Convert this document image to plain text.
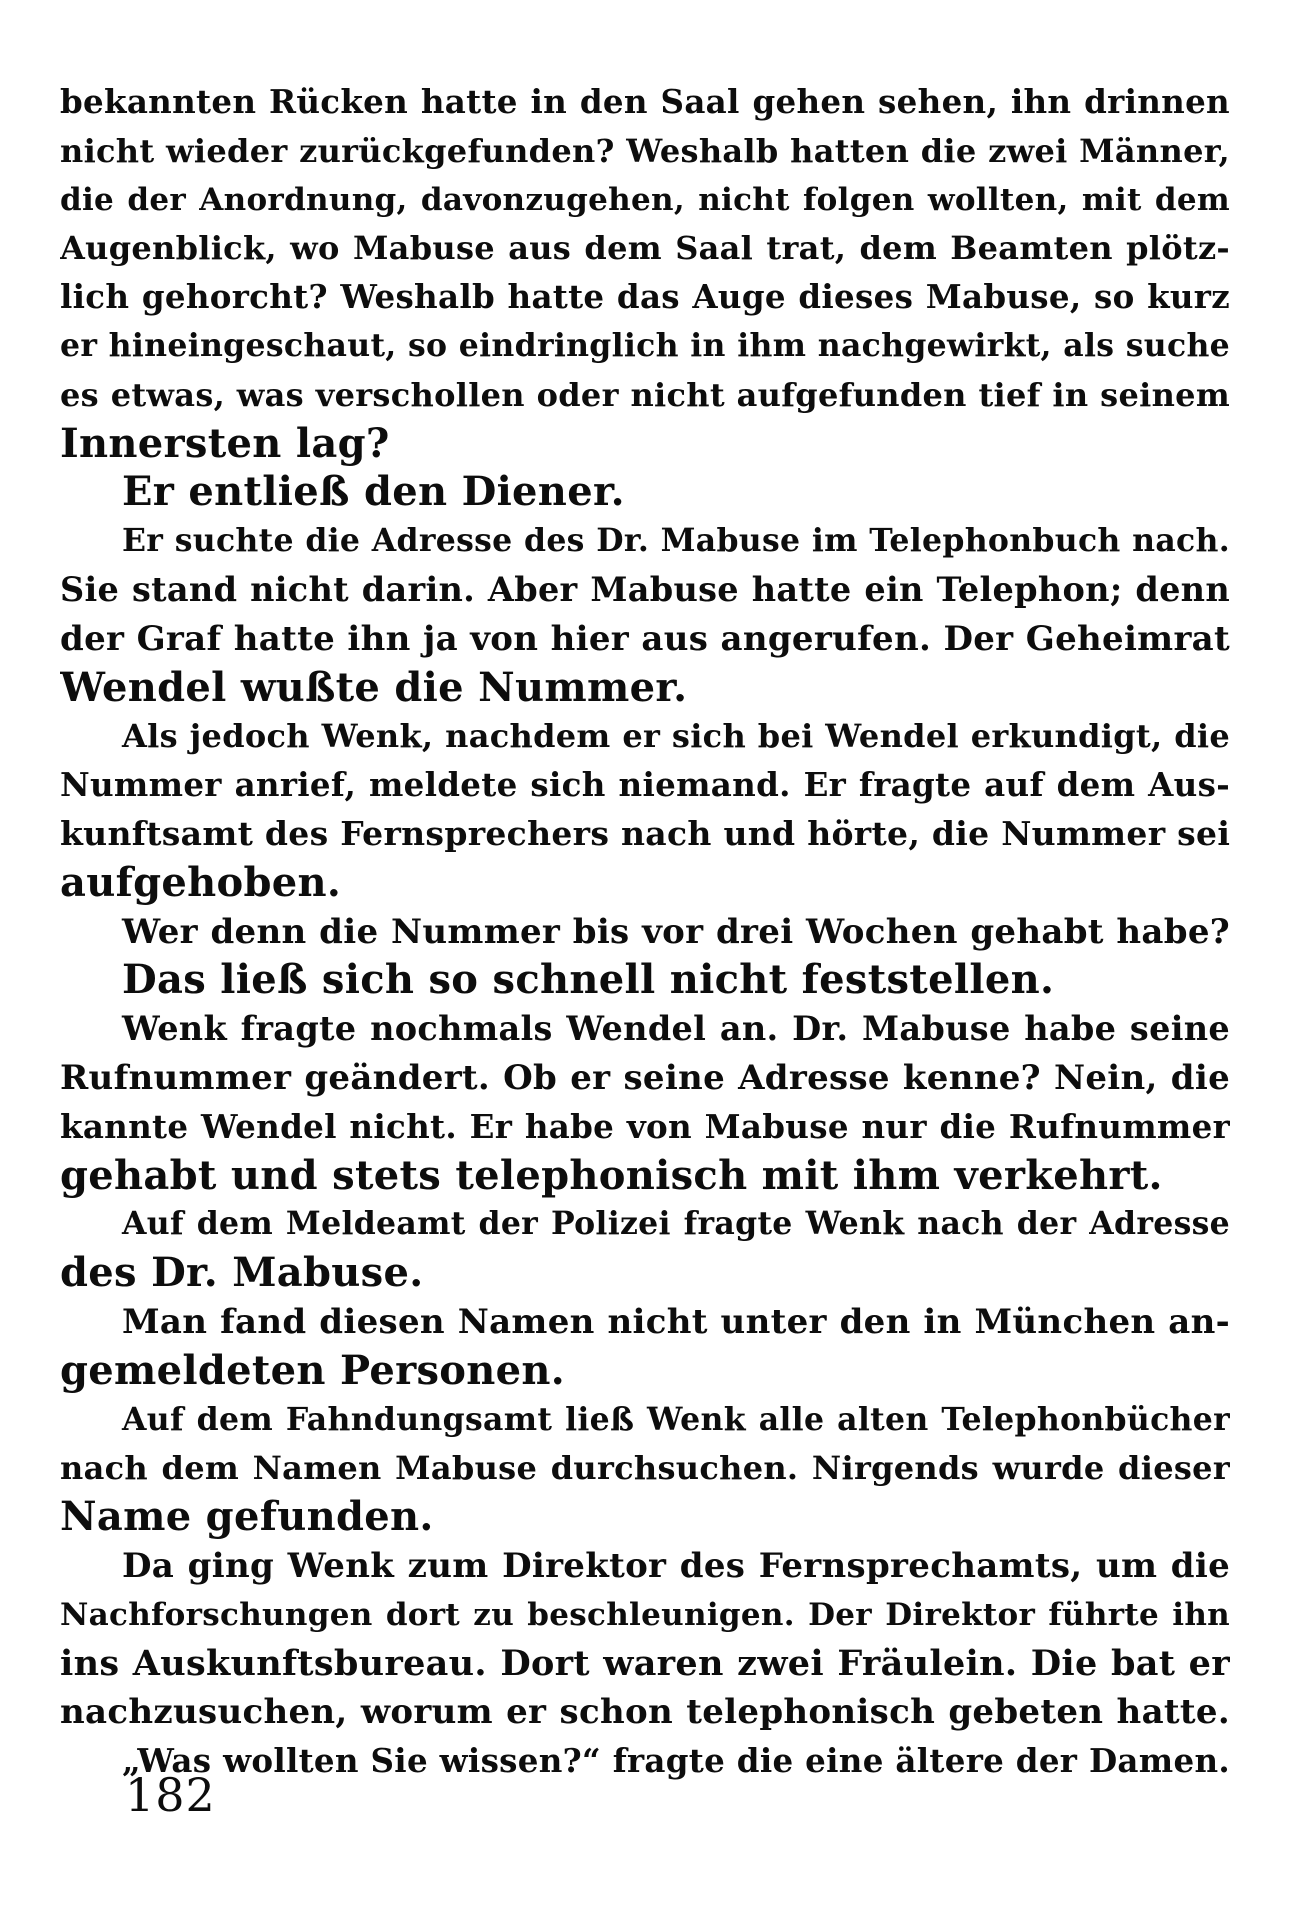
bekannten Rücken hatte in den Saal gehen sehen, ihn drinnen
nicht wieder zurückgefunden? Weshalb hatten die zwei Männer,
die der Anordnung, davonzugehen, nicht folgen wollten, mit dem
Augenblick, wo Mabuse aus dem Saal trat, dem Beamten plötz-
lich gehorcht? Weshalb hatte das Auge dieses Mabuse, so kurz
er hineingeschaut, so eindringlich in ihm nachgewirkt, als suche
es etwas, was verschollen oder nicht aufgefunden tief in seinem
Innersten lag?
Er entließ den Diener.
Er suchte die Adresse des Dr. Mabuse im Telephonbuch nach.
Sie stand nicht darin. Aber Mabuse hatte ein Telephon; denn
der Graf hatte ihn ja von hier aus angerufen. Der Geheimrat
Wendel wußte die Nummer.
Als jedoch Wenk, nachdem er sich bei Wendel erkundigt, die
Nummer anrief, meldete sich niemand. Er fragte auf dem Aus-
kunftsamt des Fernsprechers nach und hörte, die Nummer sei
aufgehoben.
Wer denn die Nummer bis vor drei Wochen gehabt habe?
Das ließ sich so schnell nicht feststellen.
Wenk fragte nochmals Wendel an. Dr. Mabuse habe seine
Rufnummer geändert. Ob er seine Adresse kenne? Nein, die
kannte Wendel nicht. Er habe von Mabuse nur die Rufnummer
gehabt und stets telephonisch mit ihm verkehrt.
Auf dem Meldeamt der Polizei fragte Wenk nach der Adresse
des Dr. Mabuse.
Man fand diesen Namen nicht unter den in München an-
gemeldeten Personen.
Auf dem Fahndungsamt ließ Wenk alle alten Telephonbücher
nach dem Namen Mabuse durchsuchen. Nirgends wurde dieser
Name gefunden.
Da ging Wenk zum Direktor des Fernsprechamts, um die
Nachforschungen dort zu beschleunigen. Der Direktor führte ihn
ins Auskunftsbureau. Dort waren zwei Fräulein. Die bat er
nachzusuchen, worum er schon telephonisch gebeten hatte.
„Was wollten Sie wissen?“ fragte die eine ältere der Damen.
182
